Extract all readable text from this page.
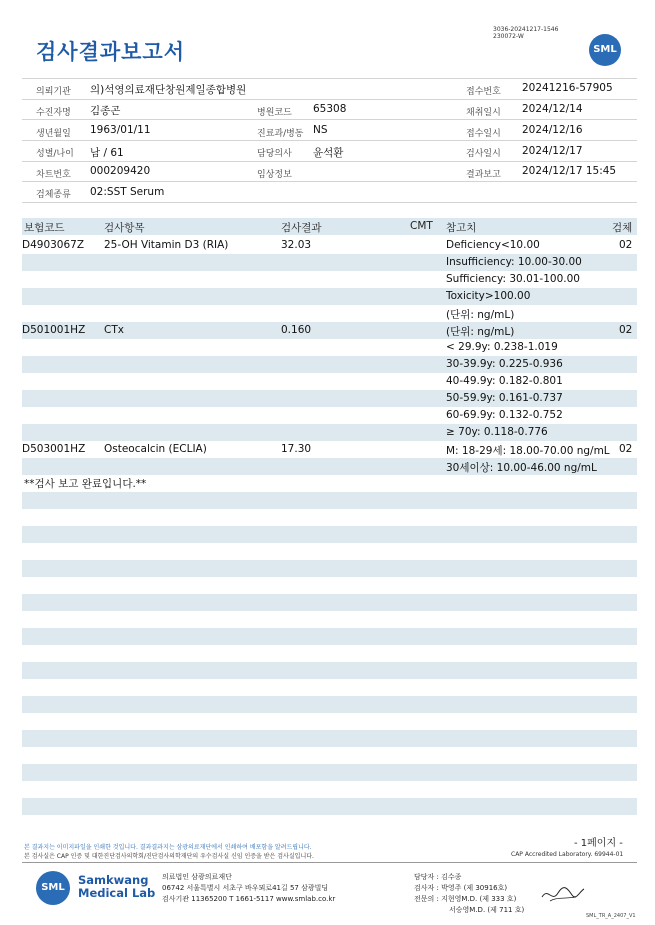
검사결과보고서
3036-20241217-1546
230072-W
SML
의뢰기관 의)석영의료재단창원제일종합병원	접수번호 20241216-57905
수진자명 김종곤	병원코드 65308	채취일시 2024/12/14
생년월일 1963/01/11	진료과/병동 NS	접수일시 2024/12/16
성별/나이 남 / 61	담당의사 윤석환	검사일시 2024/12/17
차트번호 000209420	임상정보	결과보고 2024/12/17 15:45
검체종류 02:SST Serum
보험코드	검사항목	검사결과	CMT 참고치	검체
D4903067Z 25-OH Vitamin D3 (RIA)	32.03	Deficiency<10.00	02
Insufficiency: 10.00-30.00
Sufficiency: 30.01-100.00
Toxicity>100.00
(단위: ng/mL)
D501001HZ CTx	0.160	(단위: ng/mL)	02
< 29.9y: 0.238-1.019
30-39.9y: 0.225-0.936
40-49.9y: 0.182-0.801
50-59.9y: 0.161-0.737
60-69.9y: 0.132-0.752
≥ 70y: 0.118-0.776
D503001HZ Osteocalcin (ECLIA)	17.30	M: 18-29세: 18.00-70.00 ng/mL 02
30세이상: 10.00-46.00 ng/mL
**검사 보고 완료입니다.**
- 1페이지 -
본 결과지는 이미지파일을 인쇄한 것입니다. 결과결과지는 삼광의료재단에서 인쇄하여 배포함을 알려드립니다.
본 검사실은 CAP 인증 및 대한진단검사의학회/진단검사의학재단의 우수검사실 신임 인증을 받은 검사실입니다.	CAP Accredited Laboratory. 69944-01
SML
Samkwang
Medical Lab
의료법인 삼광의료재단
06742 서울특별시 서초구 바우뫼로41길 57 삼광빌딩
검사기관 11365200 T 1661-5117 www.smlab.co.kr
담당자 : 김수종
검사자 : 박영주 (제 30916호)
전문의 : 지현영M.D. (제 333 호)
서승영M.D. (제 711 호)
SML_TR_A_2407_V1
